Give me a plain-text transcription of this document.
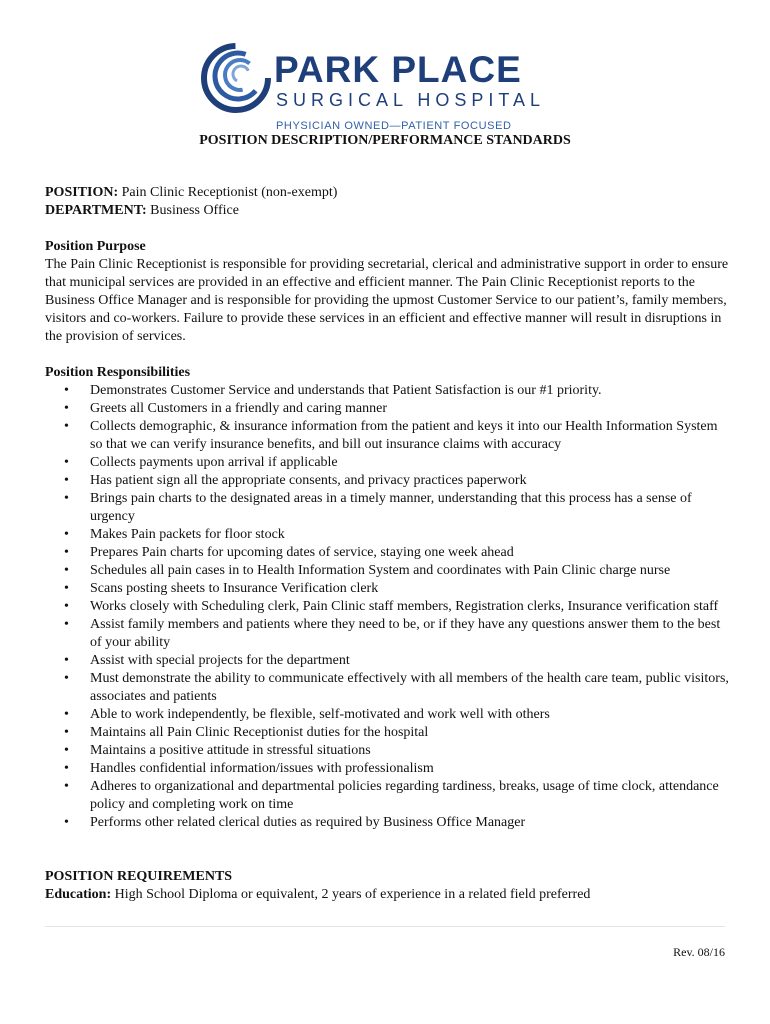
PARK PLACE
SURGICAL HOSPITAL
PHYSICIAN OWNED—PATIENT FOCUSED
POSITION DESCRIPTION/PERFORMANCE STANDARDS
POSITION: Pain Clinic Receptionist (non-exempt)
DEPARTMENT: Business Office
Position Purpose

The Pain Clinic Receptionist is responsible for providing secretarial, clerical and administrative support in order to ensure that municipal services are provided in an effective and efficient manner. The Pain Clinic Receptionist reports to the Business Office Manager and is responsible for providing the upmost Customer Service to our patient’s, family members, visitors and co-workers. Failure to provide these services in an efficient and effective manner will result in disruptions in the provision of services.

Position Responsibilities
• Demonstrates Customer Service and understands that Patient Satisfaction is our #1 priority.
• Greets all Customers in a friendly and caring manner
• Collects demographic, & insurance information from the patient and keys it into our Health Information System so that we can verify insurance benefits, and bill out insurance claims with accuracy
• Collects payments upon arrival if applicable
• Has patient sign all the appropriate consents, and privacy practices paperwork
• Brings pain charts to the designated areas in a timely manner, understanding that this process has a sense of urgency
• Makes Pain packets for floor stock
• Prepares Pain charts for upcoming dates of service, staying one week ahead
• Schedules all pain cases in to Health Information System and coordinates with Pain Clinic charge nurse
• Scans posting sheets to Insurance Verification clerk
• Works closely with Scheduling clerk, Pain Clinic staff members, Registration clerks, Insurance verification staff
• Assist family members and patients where they need to be, or if they have any questions answer them to the best of your ability
• Assist with special projects for the department
• Must demonstrate the ability to communicate effectively with all members of the health care team, public visitors, associates and patients
• Able to work independently, be flexible, self-motivated and work well with others
• Maintains all Pain Clinic Receptionist duties for the hospital
• Maintains a positive attitude in stressful situations
• Handles confidential information/issues with professionalism
• Adheres to organizational and departmental policies regarding tardiness, breaks, usage of time clock, attendance policy and completing work on time
• Performs other related clerical duties as required by Business Office Manager
POSITION REQUIREMENTS
Education: High School Diploma or equivalent, 2 years of experience in a related field preferred
Rev. 08/16
